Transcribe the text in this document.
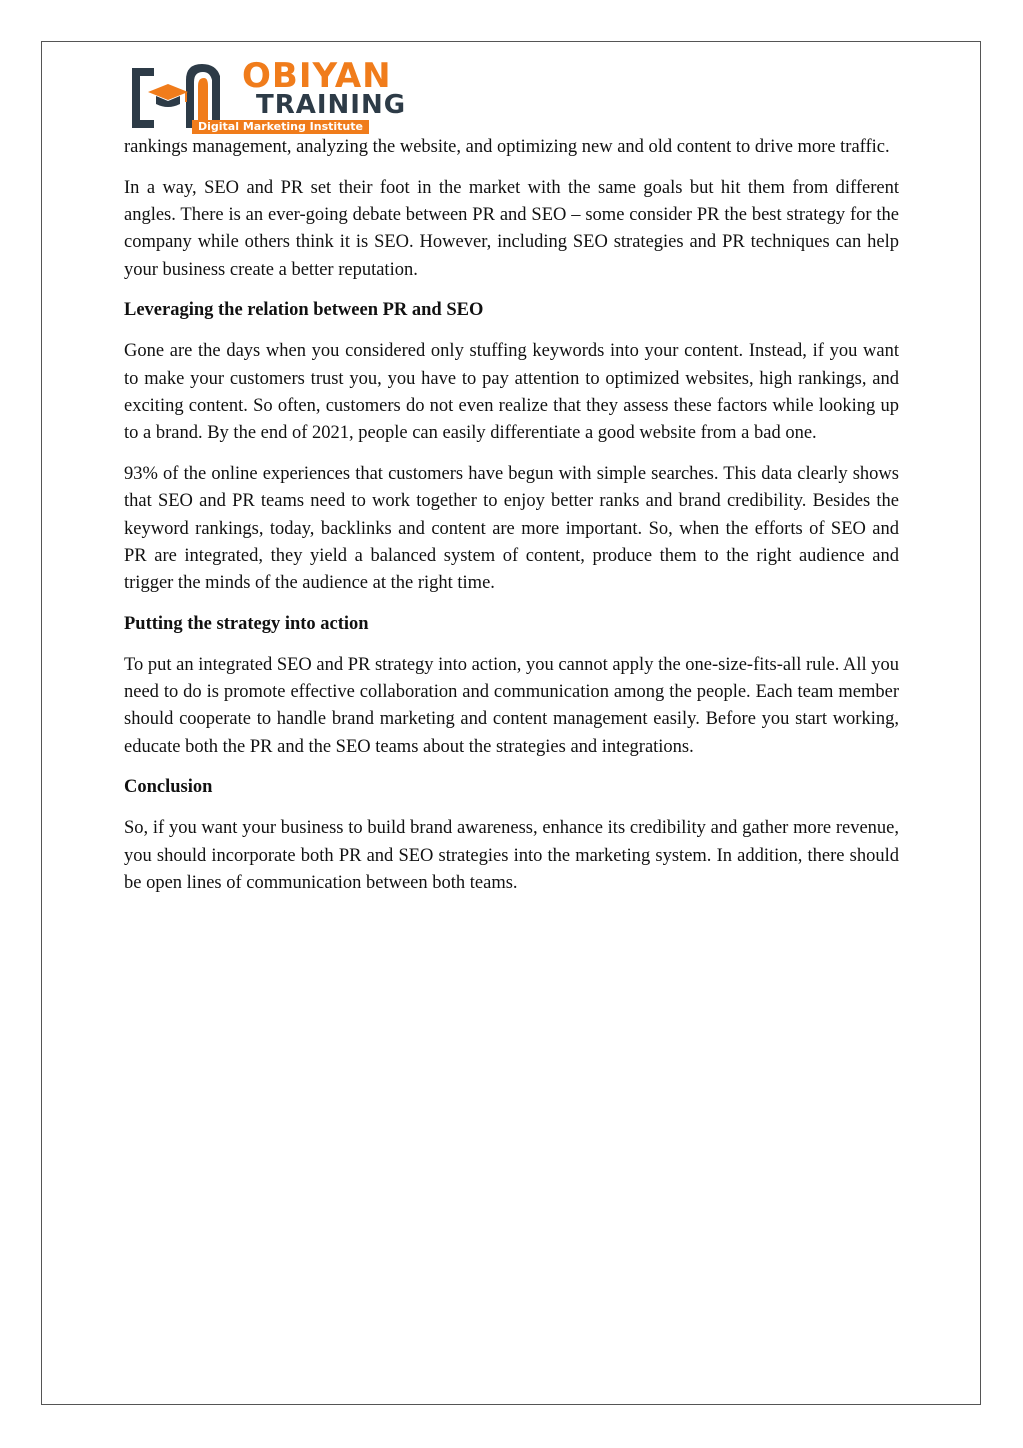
OBIYAN
TRAINING
Digital Marketing Institute

rankings management, analyzing the website, and optimizing new and old content to drive more traffic.

In a way, SEO and PR set their foot in the market with the same goals but hit them from different angles. There is an ever-going debate between PR and SEO – some consider PR the best strategy for the company while others think it is SEO. However, including SEO strategies and PR techniques can help your business create a better reputation.

Leveraging the relation between PR and SEO

Gone are the days when you considered only stuffing keywords into your content. Instead, if you want to make your customers trust you, you have to pay attention to optimized websites, high rankings, and exciting content. So often, customers do not even realize that they assess these factors while looking up to a brand. By the end of 2021, people can easily differentiate a good website from a bad one.

93% of the online experiences that customers have begun with simple searches. This data clearly shows that SEO and PR teams need to work together to enjoy better ranks and brand credibility. Besides the keyword rankings, today, backlinks and content are more important. So, when the efforts of SEO and PR are integrated, they yield a balanced system of content, produce them to the right audience and trigger the minds of the audience at the right time.

Putting the strategy into action

To put an integrated SEO and PR strategy into action, you cannot apply the one-size-fits-all rule. All you need to do is promote effective collaboration and communication among the people. Each team member should cooperate to handle brand marketing and content management easily. Before you start working, educate both the PR and the SEO teams about the strategies and integrations.

Conclusion

So, if you want your business to build brand awareness, enhance its credibility and gather more revenue, you should incorporate both PR and SEO strategies into the marketing system. In addition, there should be open lines of communication between both teams.
